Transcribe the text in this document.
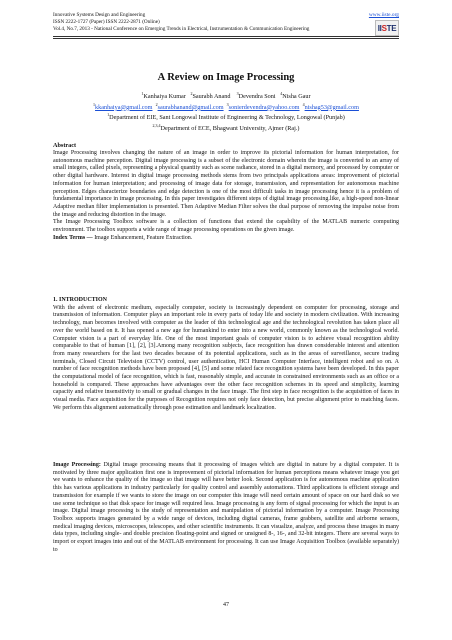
Innovative Systems Design and Engineering
ISSN 2222-1727 (Paper) ISSN 2222-2871 (Online)
Vol.4, No.7, 2013 - National Conference on Emerging Trends in Electrical, Instrumentation & Communication Engineering
www.iiste.org
II S TE
A Review on Image Processing
$^1$Kanhaiya Kumar $^2$Saurabh Anand $^3$Devendra Soni $^4$Nisha Gaur
$^1$kkanhaiya@gmail.com $^2$saurabhanand@gmail.com $^3$sonierdevendra@yahoo.com $^4$nishag53@gmail.com
$^1$Department of EIE, Sant Longowal Institute of Engineering & Technology, Longowal (Punjab)
$^{2,3,4}$Department of ECE, Bhagwant University, Ajmer (Raj.)
Abstract

Image Processing involves changing the nature of an image in order to improve its pictorial information for human interpretation, for autonomous machine perception. Digital image processing is a subset of the electronic domain wherein the image is converted to an array of small integers, called pixels, representing a physical quantity such as scene radiance, stored in a digital memory, and processed by computer or other digital hardware. Interest in digital image processing methods stems from two principals applications areas: improvement of pictorial information for human interpretation; and processing of image data for storage, transmission, and representation for autonomous machine perception. Edges characterize boundaries and edge detection is one of the most difficult tasks in image processing hence it is a problem of fundamental importance in image processing. In this paper investigates different steps of digital image processing.like, a high-speed non-linear Adaptive median filter implementation is presented. Then Adaptive Median Filter solves the dual purpose of removing the impulse noise from the image and reducing distortion in the image.

The Image Processing Toolbox software is a collection of functions that extend the capability of the MATLAB numeric computing environment. The toolbox supports a wide range of image processing operations on the given image.

Index Terms — Image Enhancement, Feature Extraction.

1. INTRODUCTION

With the advent of electronic medium, especially computer, society is increasingly dependent on computer for processing, storage and transmission of information. Computer plays an important role in every parts of today life and society in modern civilization. With increasing technology, man becomes involved with computer as the leader of this technological age and the technological revolution has taken place all over the world based on it. It has opened a new age for humankind to enter into a new world, commonly known as the technological world. Computer vision is a part of everyday life. One of the most important goals of computer vision is to achieve visual recognition ability comparable to that of human [1], [2], [3].Among many recognition subjects, face recognition has drawn considerable interest and attention from many researchers for the last two decades because of its potential applications, such as in the areas of surveillance, secure trading terminals, Closed Circuit Television (CCTV) control, user authentication, HCI Human Computer Interface, intelligent robot and so on. A number of face recognition methods have been proposed [4], [5] and some related face recognition systems have been developed. In this paper the computational model of face recognition, which is fast, reasonably simple, and accurate in constrained environments such as an office or a household is compared. These approaches have advantages over the other face recognition schemes in its speed and simplicity, learning capacity and relative insensitivity to small or gradual changes in the face image. The first step in face recognition is the acquisition of faces in visual media. Face acquisition for the purposes of Recognition requires not only face detection, but precise alignment prior to matching faces. We perform this alignment automatically through pose estimation and landmark localization.

Image Processing: Digital image processing means that it processing of images which are digital in nature by a digital computer. It is motivated by three major application first one is improvement of pictorial information for human perceptions means whatever image you get we wants to enhance the quality of the image so that image will have better look. Second application is for autonomous machine application this has various applications in industry particularly for quality control and assembly automations. Third applications is efficient storage and transmission for example if we wants to store the image on our computer this image will need certain amount of space on our hard disk so we use some technique so that disk space for image will required less. Image processing is any form of signal processing for which the input is an image. Digital image processing is the study of representation and manipulation of pictorial information by a computer. Image Processing Toolbox supports images generated by a wide range of devices, including digital cameras, frame grabbers, satellite and airborne sensors, medical imaging devices, microscopes, telescopes, and other scientific instruments. It can visualize, analyze, and process these images in many data types, including single- and double precision floating-point and signed or unsigned 8-, 16-, and 32-bit integers. There are several ways to import or export images into and out of the MATLAB environment for processing. It can use Image Acquisition Toolbox (available separately) to

47
